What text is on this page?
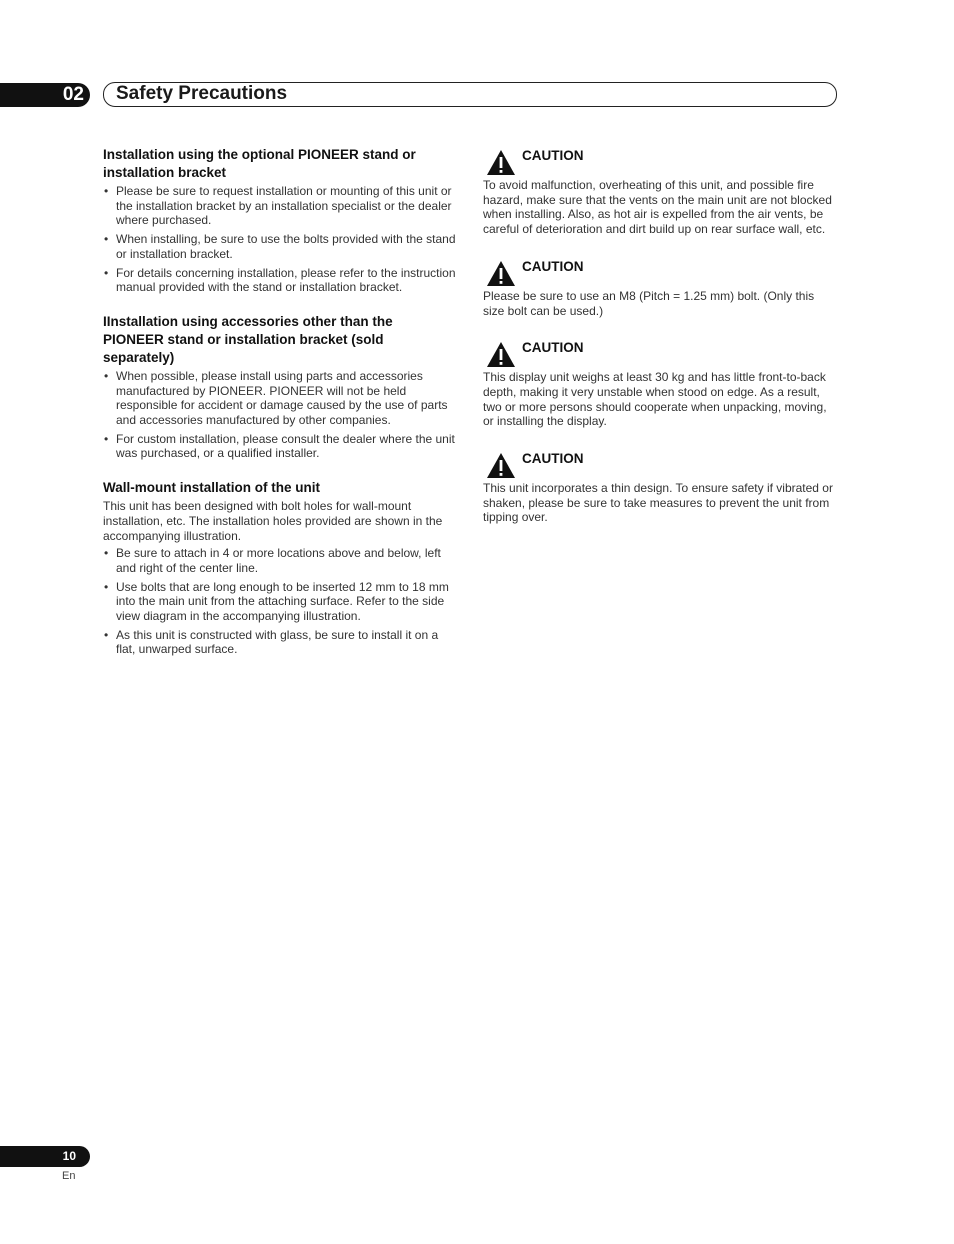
02	Safety Precautions
Installation using the optional PIONEER stand or installation bracket
• Please be sure to request installation or mounting of this unit or the installation bracket by an installation specialist or the dealer where purchased.
• When installing, be sure to use the bolts provided with the stand or installation bracket.
• For details concerning installation, please refer to the instruction manual provided with the stand or installation bracket.
IInstallation using accessories other than the PIONEER stand or installation bracket (sold separately)
• When possible, please install using parts and accessories manufactured by PIONEER. PIONEER will not be held responsible for accident or damage caused by the use of parts and accessories manufactured by other companies.
• For custom installation, please consult the dealer where the unit was purchased, or a qualified installer.
Wall-mount installation of the unit

This unit has been designed with bolt holes for wall-mount installation, etc. The installation holes provided are shown in the accompanying illustration.

• Be sure to attach in 4 or more locations above and below, left and right of the center line.
• Use bolts that are long enough to be inserted 12 mm to 18 mm into the main unit from the attaching surface. Refer to the side view diagram in the accompanying illustration.
• As this unit is constructed with glass, be sure to install it on a flat, unwarped surface.
CAUTION

To avoid malfunction, overheating of this unit, and possible fire hazard, make sure that the vents on the main unit are not blocked when installing. Also, as hot air is expelled from the air vents, be careful of deterioration and dirt build up on rear surface wall, etc.

CAUTION

Please be sure to use an M8 (Pitch = 1.25 mm) bolt. (Only this size bolt can be used.)

CAUTION

This display unit weighs at least 30 kg and has little front-to-back depth, making it very unstable when stood on edge. As a result, two or more persons should cooperate when unpacking, moving, or installing the display.

CAUTION

This unit incorporates a thin design. To ensure safety if vibrated or shaken, please be sure to take measures to prevent the unit from tipping over.

10
En
